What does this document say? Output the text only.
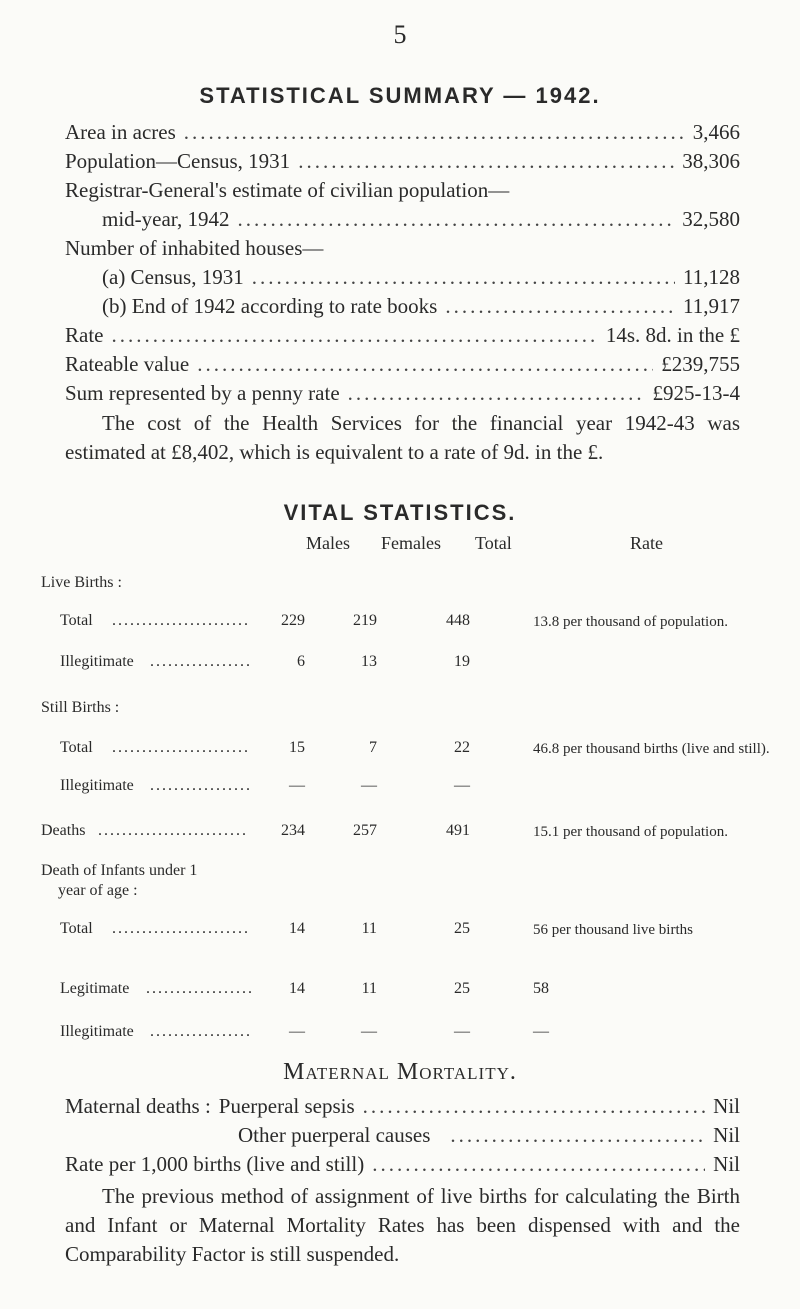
5
STATISTICAL SUMMARY — 1942.
Area in acres .....	3,466
Population—Census, 1931 .....	38,306
Registrar-General's estimate of civilian population—
mid-year, 1942 .....	32,580
Number of inhabited houses—
(a) Census, 1931 .....	11,128
(b) End of 1942 according to rate books .....	11,917
Rate .....	14s. 8d. in the £
Rateable value .....	£239,755
Sum represented by a penny rate .....	£925-13-4
The cost of the Health Services for the financial year 1942-43 was estimated at £8,402, which is equivalent to a rate of 9d. in the £.
VITAL STATISTICS.
Males Females Total	Rate
Live Births :
Total .......................	229	219	448	13.8 per thousand of population.
Illegitimate .................	6	13	19
Still Births :
Total .......................	15	7	22	46.8 per thousand births (live and still).
Illegitimate .................	—	—	—
Deaths .........................	234	257	491	15.1 per thousand of population.
Death of Infants under 1
year of age :
Total .......................	14	11	25	56 per thousand live births
Legitimate ..................	14	11	25	58
Illegitimate .................	—	—	—	—
Maternal Mortality.
Maternal deaths : Puerperal sepsis .....	Nil
Other puerperal causes .....	Nil
Rate per 1,000 births (live and still) .....	Nil
The previous method of assignment of live births for calculating the Birth and Infant or Maternal Mortality Rates has been dispensed with and the Comparability Factor is still suspended.
